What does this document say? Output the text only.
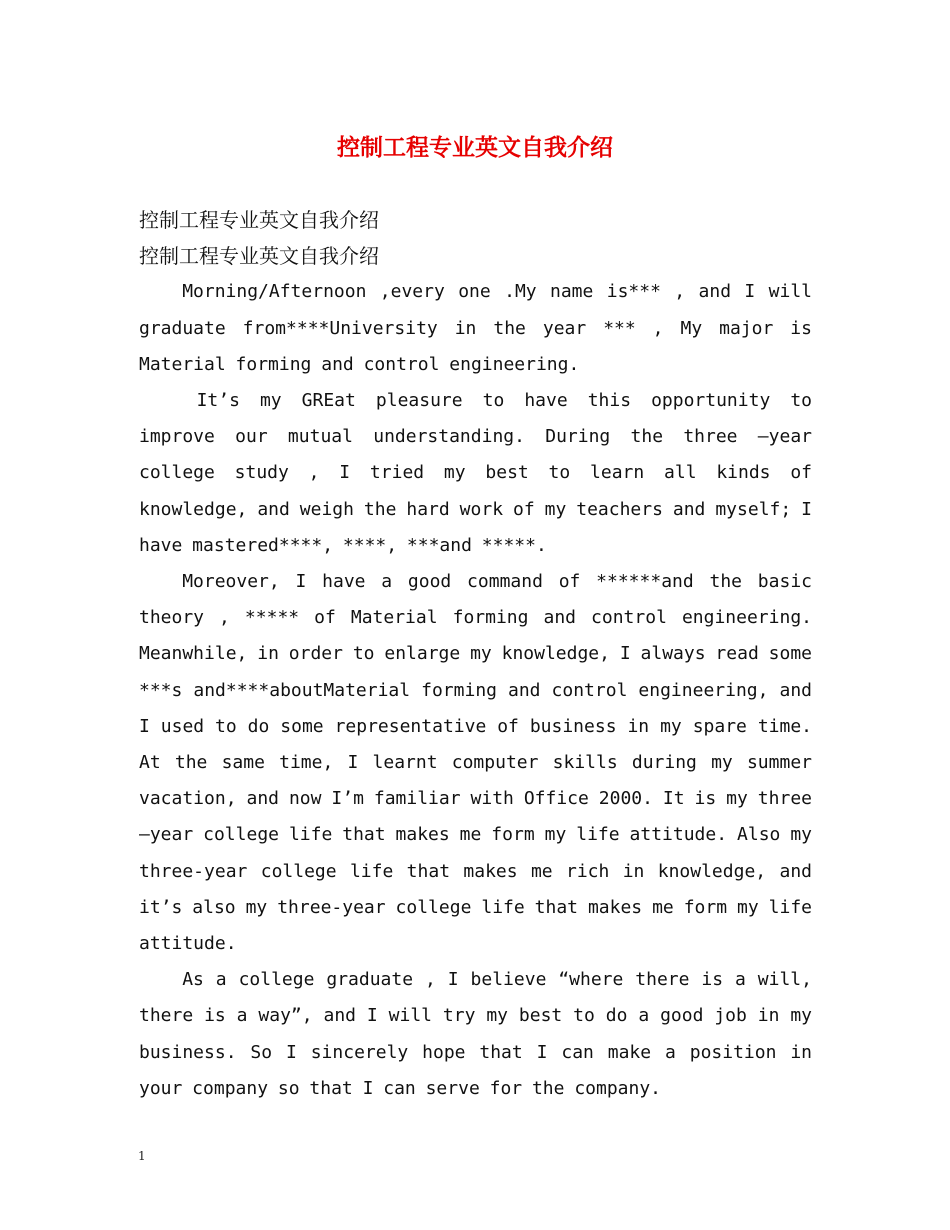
控制工程专业英文自我介绍

控制工程专业英文自我介绍

控制工程专业英文自我介绍

Morning/Afternoon ,every one .My name is*** , and I will graduate from****University in the year *** , My major is Material forming and control engineering.

It’s my GREat pleasure to have this opportunity to improve our mutual understanding. During the three –year college study , I tried my best to learn all kinds of knowledge, and weigh the hard work of my teachers and myself; I have mastered****, ****, ***and *****.

Moreover, I have a good command of ******and the basic theory , ***** of Material forming and control engineering. Meanwhile, in order to enlarge my knowledge, I always read some ***s and****aboutMaterial forming and control engineering, and I used to do some representative of business in my spare time. At the same time, I learnt computer skills during my summer vacation, and now I’m familiar with Office 2000. It is my three –year college life that makes me form my life attitude. Also my three-year college life that makes me rich in knowledge, and it’s also my three-year college life that makes me form my life attitude.

As a college graduate , I believe “where there is a will, there is a way”, and I will try my best to do a good job in my business. So I sincerely hope that I can make a position in your company so that I can serve for the company.

1
